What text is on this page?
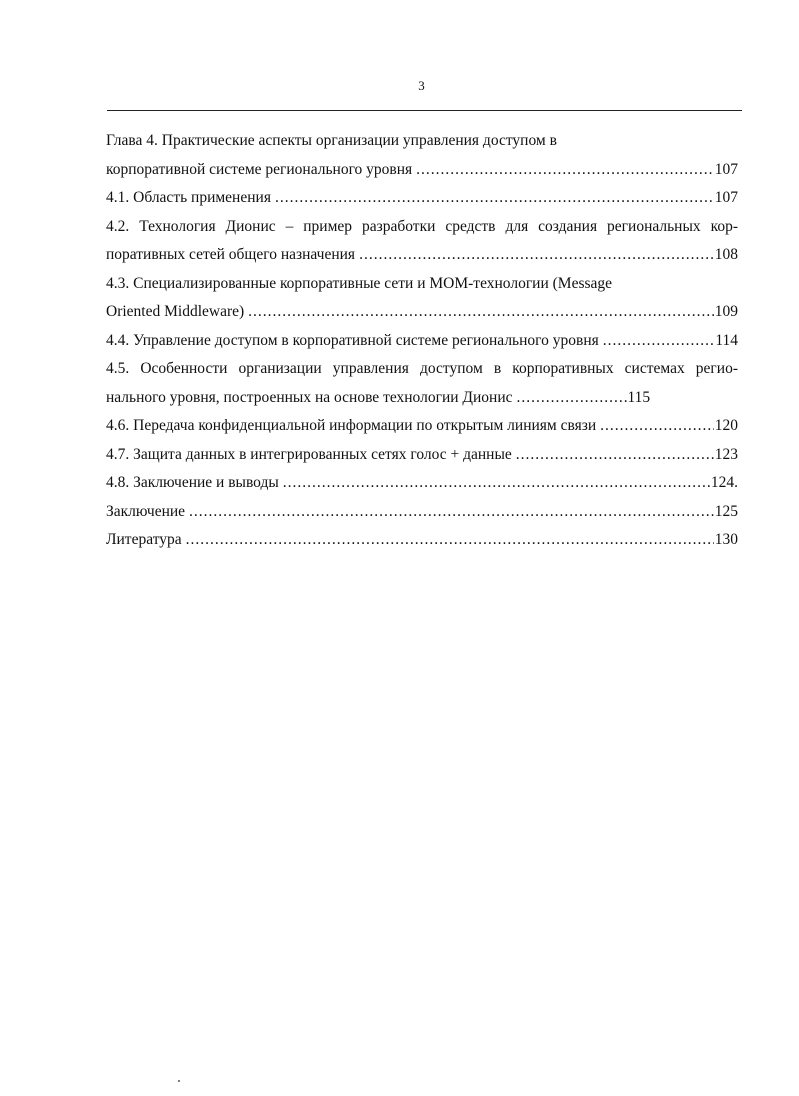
3
Глава 4. Практические аспекты организации управления доступом в
корпоративной системе регионального уровня .....	107
4.1. Область применения .....	107
4.2. Технология Дионис – пример разработки средств для создания региональных кор-
поративных сетей общего назначения .....	108
4.3. Специализированные корпоративные сети и МОМ-технологии (Message
Oriented Middleware) .....	109
4.4. Управление доступом в корпоративной системе регионального уровня .....	114
4.5. Особенности организации управления доступом в корпоративных системах регио-
нального уровня, построенных на основе технологии Дионис .....	115
4.6. Передача конфиденциальной информации по открытым линиям связи .....	120
4.7. Защита данных в интегрированных сетях голос + данные .....	123
4.8. Заключение и выводы .....	124.
Заключение .....	125
Литература .....	130
